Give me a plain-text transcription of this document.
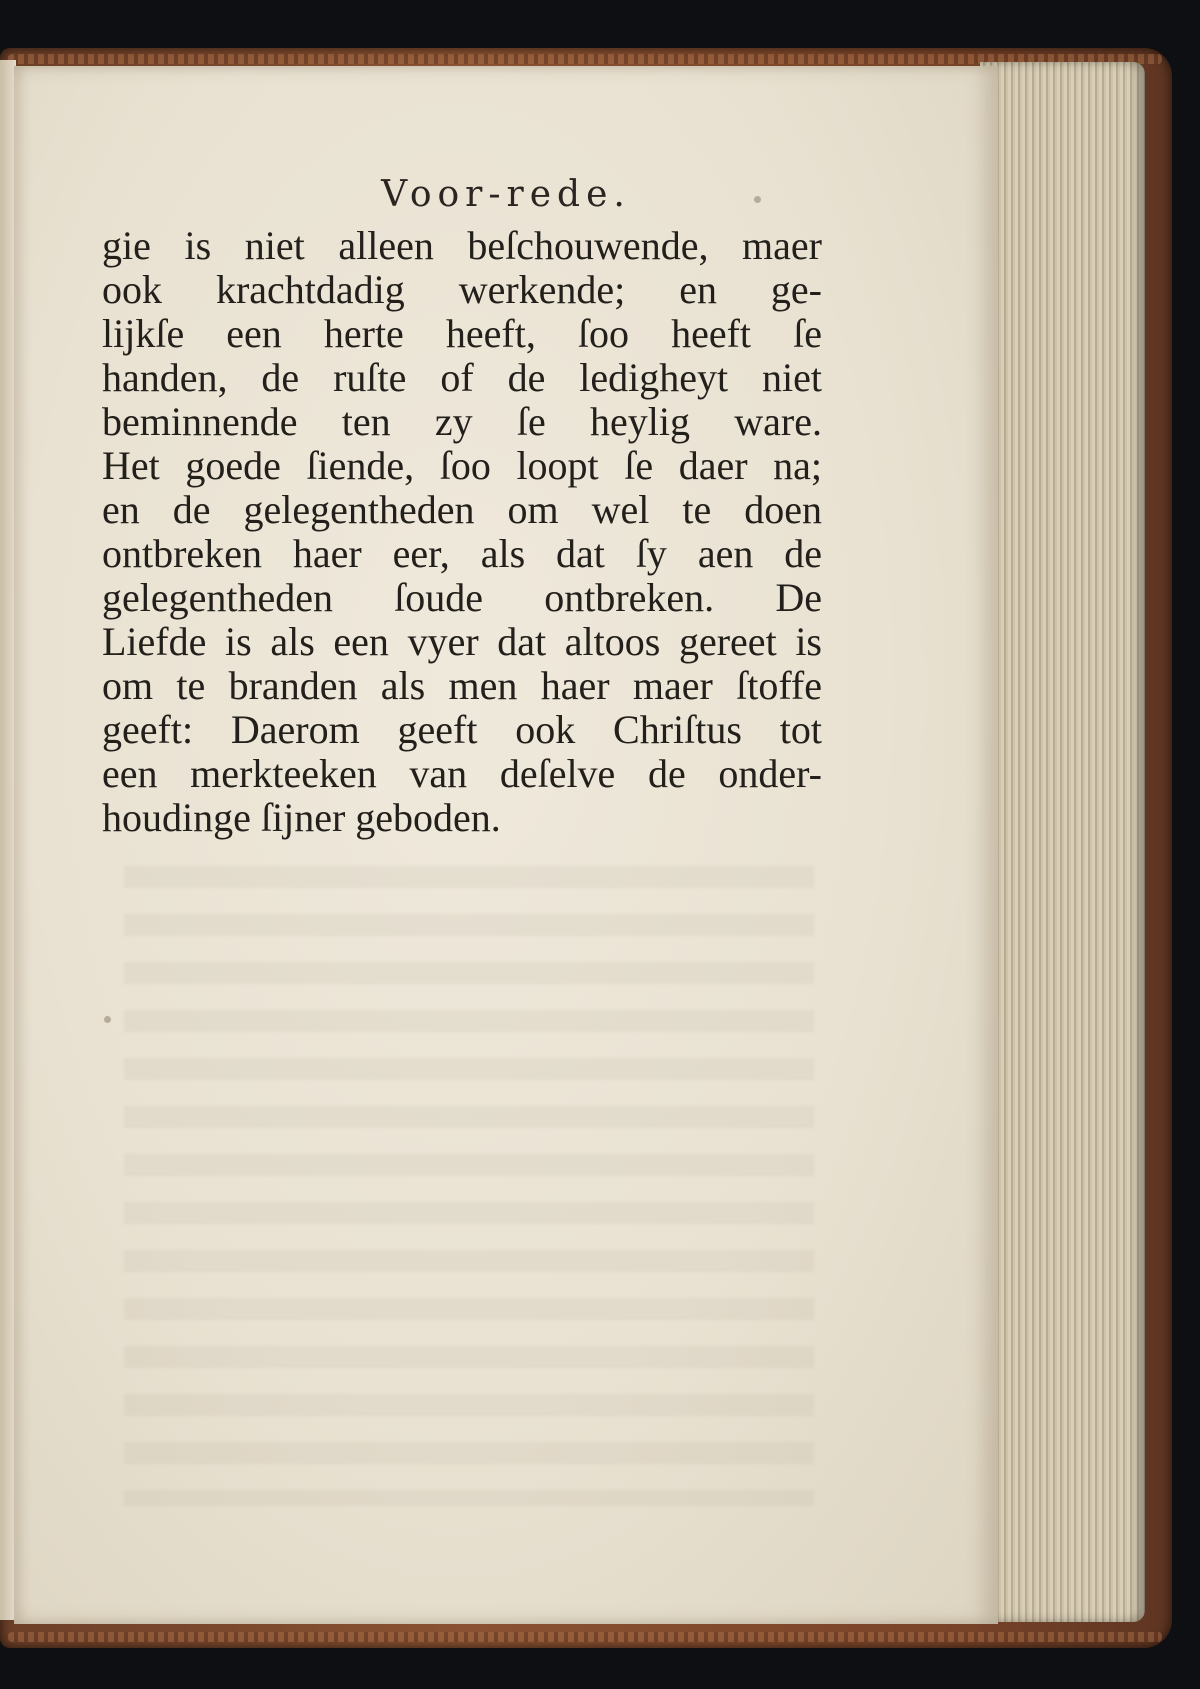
Voor-rede.
gie is niet alleen beſchouwende, maer
ook krachtdadig werkende; en ge-
lijkſe een herte heeft, ſoo heeft ſe
handen, de ruſte of de ledigheyt niet
beminnende ten zy ſe heylig ware.
Het goede ſiende, ſoo loopt ſe daer na;
en de gelegentheden om wel te doen
ontbreken haer eer, als dat ſy aen de
gelegentheden ſoude ontbreken. De
Liefde is als een vyer dat altoos gereet is
om te branden als men haer maer ſtoffe
geeft: Daerom geeft ook Chriſtus tot
een merkteeken van deſelve de onder-
houdinge ſijner geboden.
